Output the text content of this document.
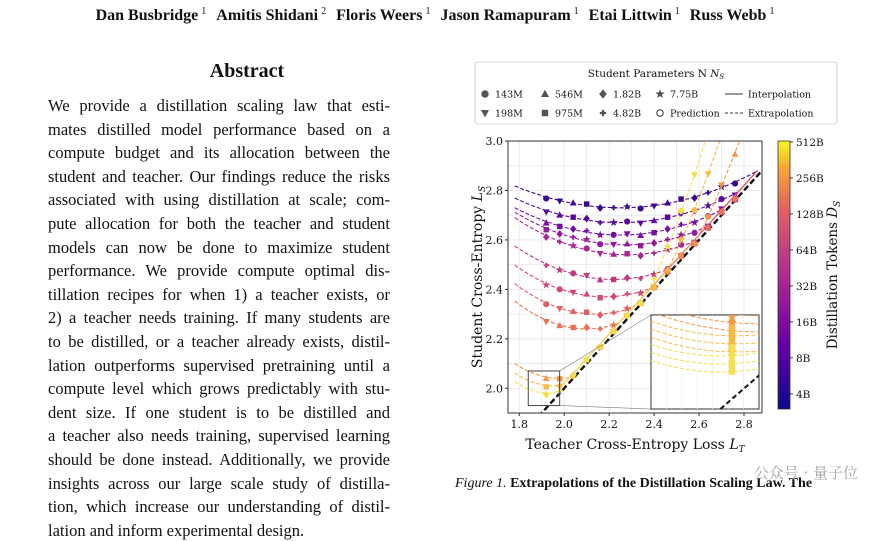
Dan Busbridge $^1$ Amitis Shidani $^2$ Floris Weers $^1$ Jason Ramapuram $^1$ Etai Littwin $^1$ Russ Webb $^1$
Abstract
We provide a distillation scaling law that esti-
mates distilled model performance based on a
compute budget and its allocation between the
student and teacher. Our findings reduce the risks
associated with using distillation at scale; com-
pute allocation for both the teacher and student
models can now be done to maximize student
performance. We provide compute optimal dis-
tillation recipes for when 1) a teacher exists, or
2) a teacher needs training. If many students are
to be distilled, or a teacher already exists, distil-
lation outperforms supervised pretraining until a
compute level which grows predictably with stu-
dent size. If one student is to be distilled and
a teacher also needs training, supervised learning
should be done instead. Additionally, we provide
insights across our large scale study of distilla-
tion, which increase our understanding of distil-
lation and inform experimental design.
Student Parameters N NS
143M	546M	1.82B	7.75B	Interpolation
198M	975M	4.82B	Prediction	Extrapolation
1.8 2.0 2.2 2.4 2.6 2.8
2.0
2.2
2.4
2.6
2.8
3.0
Teacher Cross-Entropy Loss $L_T$
Student Cross-Entropy $L_S$
512B
256B
128B
64B
32B
16B
8B
4B
Distillation Tokens $D_S$
Figure 1. Extrapolations of the Distillation Scaling Law. The
公众号 · 量子位
